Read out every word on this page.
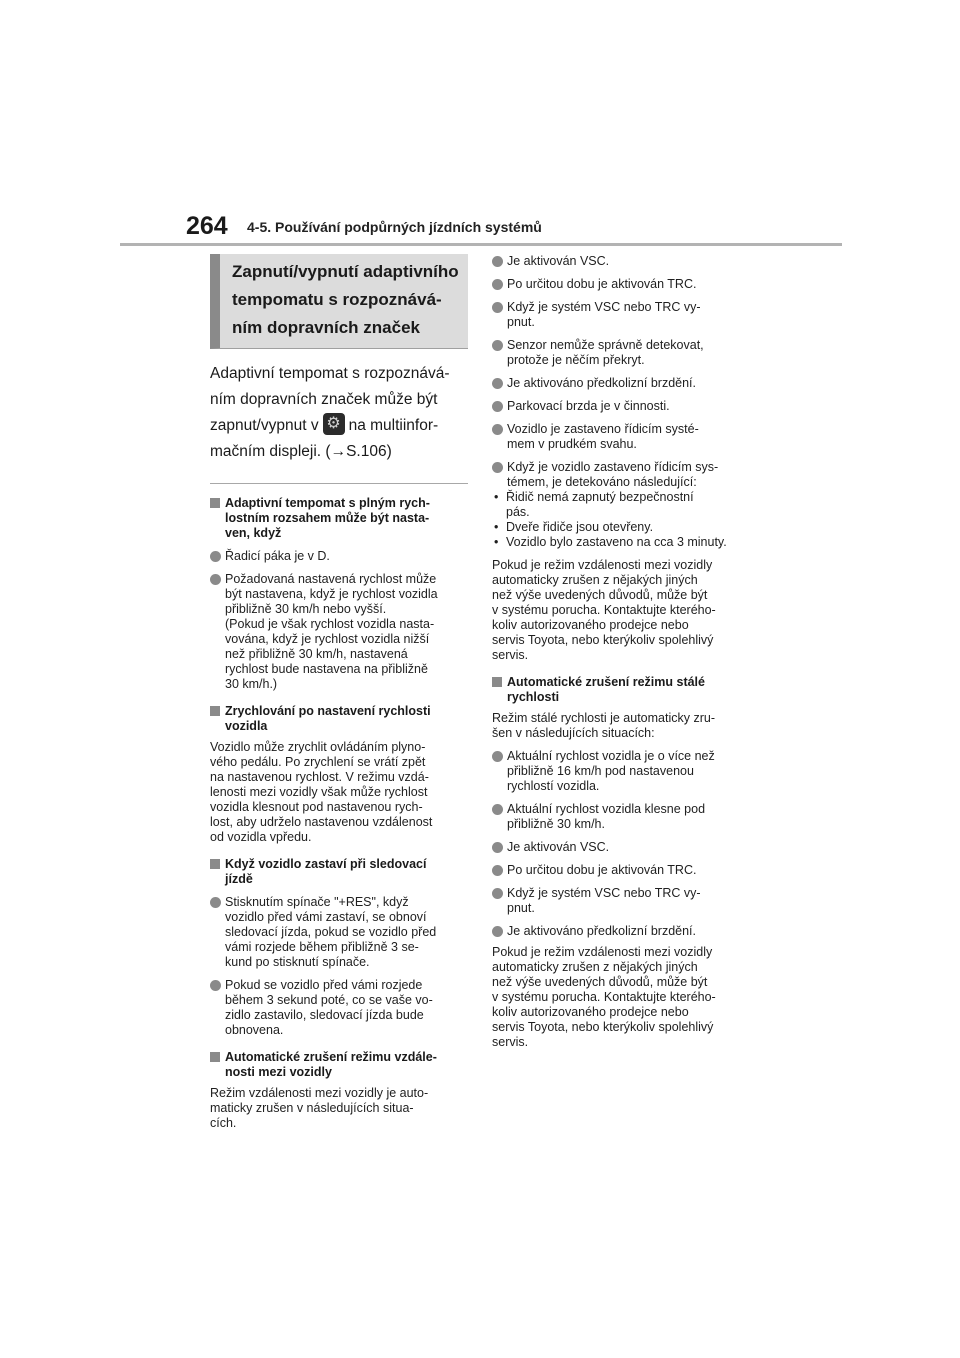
264 4-5. Používání podpůrných jízdních systémů
Zapnutí/vypnutí adaptivního
tempomatu s rozpoznává-
ním dopravních značek
Adaptivní tempomat s rozpoznává-
ním dopravních značek může být
zapnut/vypnut v⚙ na multiinfor-
mačním displeji. (→S.106)
Adaptivní tempomat s plným rych-
lostním rozsahem může být nasta-
ven, když
Řadicí páka je v D.
Požadovaná nastavená rychlost může
být nastavena, když je rychlost vozidla
přibližně 30 km/h nebo vyšší.
(Pokud je však rychlost vozidla nasta-
vována, když je rychlost vozidla nižší
než přibližně 30 km/h, nastavená
rychlost bude nastavena na přibližně
30 km/h.)
Zrychlování po nastavení rychlosti
vozidla
Vozidlo může zrychlit ovládáním plyno-
vého pedálu. Po zrychlení se vrátí zpět
na nastavenou rychlost. V režimu vzdá-
lenosti mezi vozidly však může rychlost
vozidla klesnout pod nastavenou rych-
lost, aby udrželo nastavenou vzdálenost
od vozidla vpředu.
Když vozidlo zastaví při sledovací
jízdě
Stisknutím spínače "+RES", když
vozidlo před vámi zastaví, se obnoví
sledovací jízda, pokud se vozidlo před
vámi rozjede během přibližně 3 se-
kund po stisknutí spínače.
Pokud se vozidlo před vámi rozjede
během 3 sekund poté, co se vaše vo-
zidlo zastavilo, sledovací jízda bude
obnovena.
Automatické zrušení režimu vzdále-
nosti mezi vozidly
Režim vzdálenosti mezi vozidly je auto-
maticky zrušen v následujících situa-
cích.
Je aktivován VSC.
Po určitou dobu je aktivován TRC.
Když je systém VSC nebo TRC vy-
pnut.
Senzor nemůže správně detekovat,
protože je něčím překryt.
Je aktivováno předkolizní brzdění.
Parkovací brzda je v činnosti.
Vozidlo je zastaveno řídicím systé-
mem v prudkém svahu.
Když je vozidlo zastaveno řídicím sys-
témem, je detekováno následující:
• Řidič nemá zapnutý bezpečnostní
pás.
• Dveře řidiče jsou otevřeny.
• Vozidlo bylo zastaveno na cca 3 minuty.
Pokud je režim vzdálenosti mezi vozidly
automaticky zrušen z nějakých jiných
než výše uvedených důvodů, může být
v systému porucha. Kontaktujte kterého-
koliv autorizovaného prodejce nebo
servis Toyota, nebo kterýkoliv spolehlivý
servis.
Automatické zrušení režimu stálé
rychlosti
Režim stálé rychlosti je automaticky zru-
šen v následujících situacích:
Aktuální rychlost vozidla je o více než
přibližně 16 km/h pod nastavenou
rychlostí vozidla.
Aktuální rychlost vozidla klesne pod
přibližně 30 km/h.
Je aktivován VSC.
Po určitou dobu je aktivován TRC.
Když je systém VSC nebo TRC vy-
pnut.
Je aktivováno předkolizní brzdění.
Pokud je režim vzdálenosti mezi vozidly
automaticky zrušen z nějakých jiných
než výše uvedených důvodů, může být
v systému porucha. Kontaktujte kterého-
koliv autorizovaného prodejce nebo
servis Toyota, nebo kterýkoliv spolehlivý
servis.
